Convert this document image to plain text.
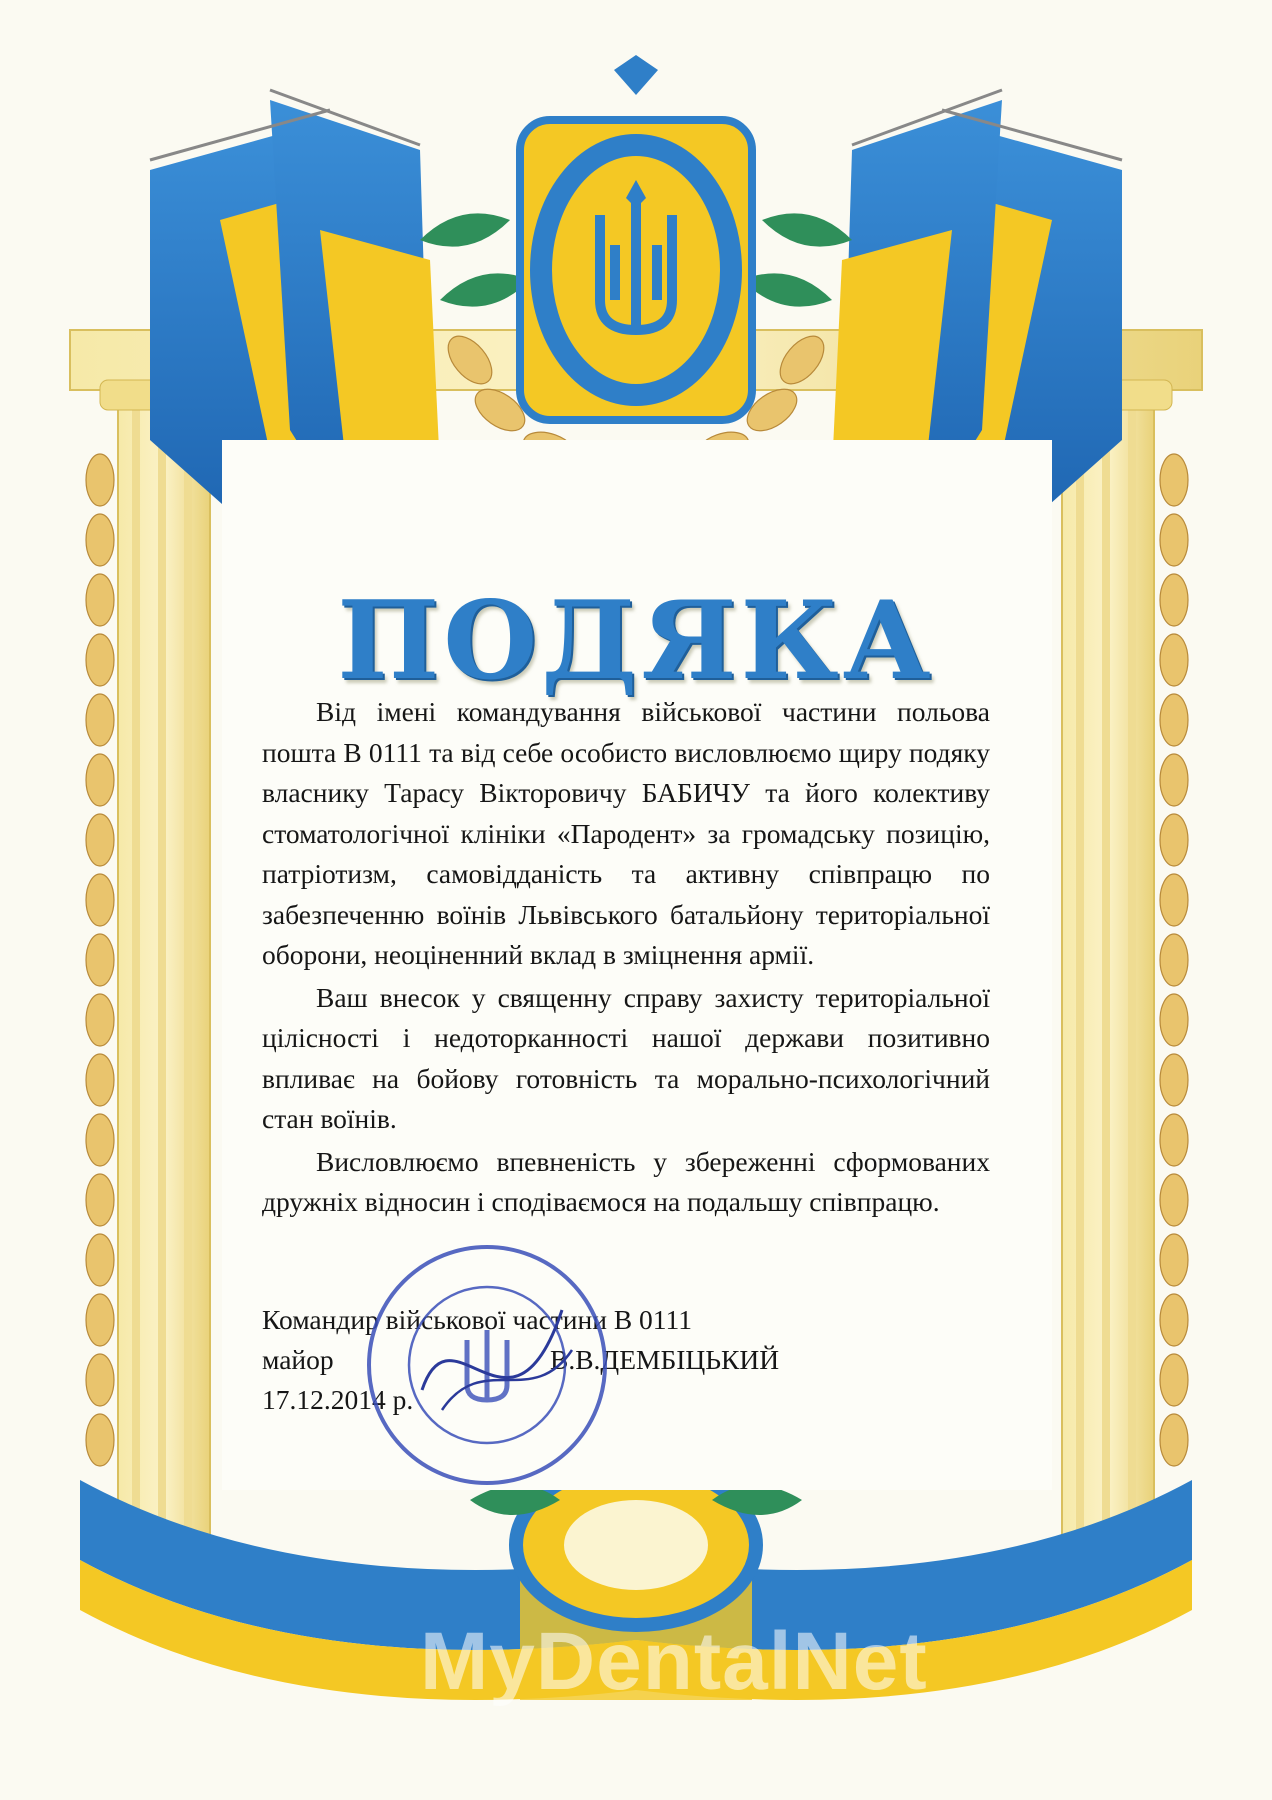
ПОДЯКА

Від імені командування військової частини польова пошта В 0111 та від себе особисто висловлюємо щиру подяку власнику Тарасу Вікторовичу БАБИЧУ та його колективу стоматологічної клініки «Пародент» за громадську позицію, патріотизм, самовідданість та активну співпрацю по забезпеченню воїнів Львівського батальйону територіальної оборони, неоціненний вклад в зміцнення армії.

Ваш внесок у священну справу захисту територіальної цілісності і недоторканності нашої держави позитивно впливає на бойову готовність та морально-психологічний стан воїнів.

Висловлюємо впевненість у збереженні сформованих дружніх відносин і сподіваємося на подальшу співпрацю.

Командир військової частини В 0111
майор	В.В.ДЕМБІЦЬКИЙ
17.12.2014 р.
MyDentalNet
